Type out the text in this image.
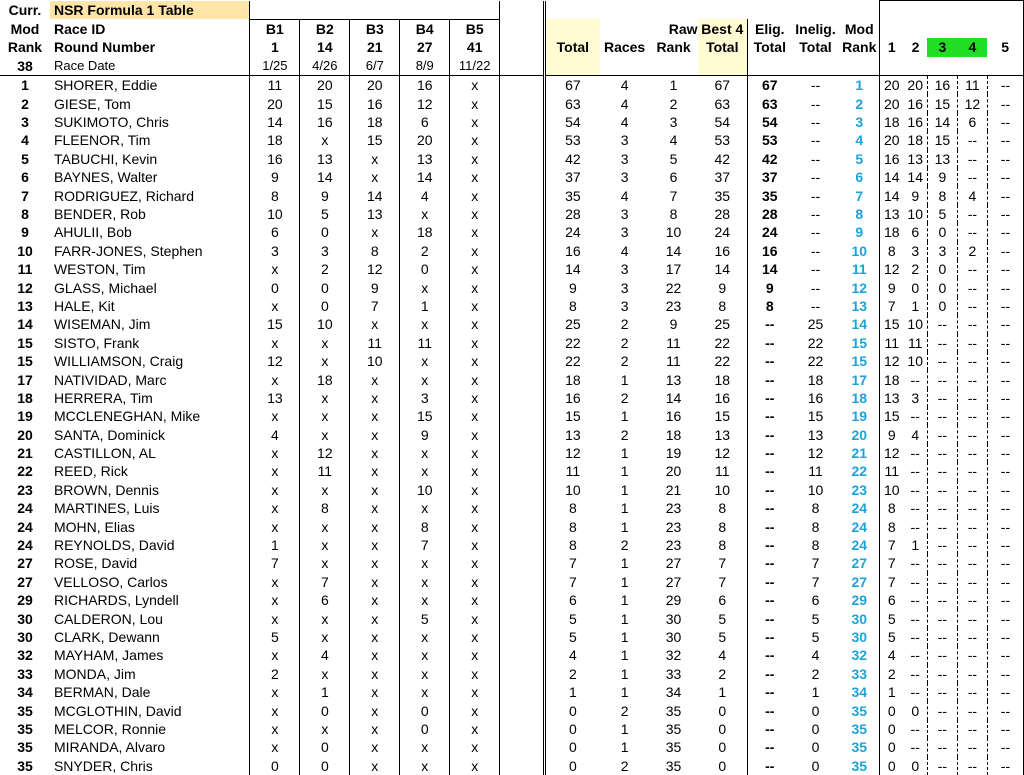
Curr.	NSR Formula 1 Table																		
Mod	Race ID	B1	B2	B3	B4	B5				Raw	Best 4	Elig.	Inelig.	Mod					
Rank	Round Number	1	14	21	27	41		Total	Races	Rank	Total	Total	Total	Rank	1	2	3	4	5
38	Race Date	1/25	4/26	6/7	8/9	11/22													
1	SHORER, Eddie	11	20	20	16	x		67	4	1	67	67	--	1	20	20	16	11	--
2	GIESE, Tom	20	15	16	12	x		63	4	2	63	63	--	2	20	16	15	12	--
3	SUKIMOTO, Chris	14	16	18	6	x		54	4	3	54	54	--	3	18	16	14	6	--
4	FLEENOR, Tim	18	x	15	20	x		53	3	4	53	53	--	4	20	18	15	--	--
5	TABUCHI, Kevin	16	13	x	13	x		42	3	5	42	42	--	5	16	13	13	--	--
6	BAYNES, Walter	9	14	x	14	x		37	3	6	37	37	--	6	14	14	9	--	--
7	RODRIGUEZ, Richard	8	9	14	4	x		35	4	7	35	35	--	7	14	9	8	4	--
8	BENDER, Rob	10	5	13	x	x		28	3	8	28	28	--	8	13	10	5	--	--
9	AHULII, Bob	6	0	x	18	x		24	3	10	24	24	--	9	18	6	0	--	--
10	FARR-JONES, Stephen	3	3	8	2	x		16	4	14	16	16	--	10	8	3	3	2	--
11	WESTON, Tim	x	2	12	0	x		14	3	17	14	14	--	11	12	2	0	--	--
12	GLASS, Michael	0	0	9	x	x		9	3	22	9	9	--	12	9	0	0	--	--
13	HALE, Kit	x	0	7	1	x		8	3	23	8	8	--	13	7	1	0	--	--
14	WISEMAN, Jim	15	10	x	x	x		25	2	9	25	--	25	14	15	10	--	--	--
15	SISTO, Frank	x	x	11	11	x		22	2	11	22	--	22	15	11	11	--	--	--
15	WILLIAMSON, Craig	12	x	10	x	x		22	2	11	22	--	22	15	12	10	--	--	--
17	NATIVIDAD, Marc	x	18	x	x	x		18	1	13	18	--	18	17	18	--	--	--	--
18	HERRERA, Tim	13	x	x	3	x		16	2	14	16	--	16	18	13	3	--	--	--
19	MCCLENEGHAN, Mike	x	x	x	15	x		15	1	16	15	--	15	19	15	--	--	--	--
20	SANTA, Dominick	4	x	x	9	x		13	2	18	13	--	13	20	9	4	--	--	--
21	CASTILLON, AL	x	12	x	x	x		12	1	19	12	--	12	21	12	--	--	--	--
22	REED, Rick	x	11	x	x	x		11	1	20	11	--	11	22	11	--	--	--	--
23	BROWN, Dennis	x	x	x	10	x		10	1	21	10	--	10	23	10	--	--	--	--
24	MARTINES, Luis	x	8	x	x	x		8	1	23	8	--	8	24	8	--	--	--	--
24	MOHN, Elias	x	x	x	8	x		8	1	23	8	--	8	24	8	--	--	--	--
24	REYNOLDS, David	1	x	x	7	x		8	2	23	8	--	8	24	7	1	--	--	--
27	ROSE, David	7	x	x	x	x		7	1	27	7	--	7	27	7	--	--	--	--
27	VELLOSO, Carlos	x	7	x	x	x		7	1	27	7	--	7	27	7	--	--	--	--
29	RICHARDS, Lyndell	x	6	x	x	x		6	1	29	6	--	6	29	6	--	--	--	--
30	CALDERON, Lou	x	x	x	5	x		5	1	30	5	--	5	30	5	--	--	--	--
30	CLARK, Dewann	5	x	x	x	x		5	1	30	5	--	5	30	5	--	--	--	--
32	MAYHAM, James	x	4	x	x	x		4	1	32	4	--	4	32	4	--	--	--	--
33	MONDA, Jim	2	x	x	x	x		2	1	33	2	--	2	33	2	--	--	--	--
34	BERMAN, Dale	x	1	x	x	x		1	1	34	1	--	1	34	1	--	--	--	--
35	MCGLOTHIN, David	x	0	x	0	x		0	2	35	0	--	0	35	0	0	--	--	--
35	MELCOR, Ronnie	x	x	x	0	x		0	1	35	0	--	0	35	0	--	--	--	--
35	MIRANDA, Alvaro	x	0	x	x	x		0	1	35	0	--	0	35	0	--	--	--	--
35	SNYDER, Chris	0	0	x	x	x		0	2	35	0	--	0	35	0	0	--	--	--
